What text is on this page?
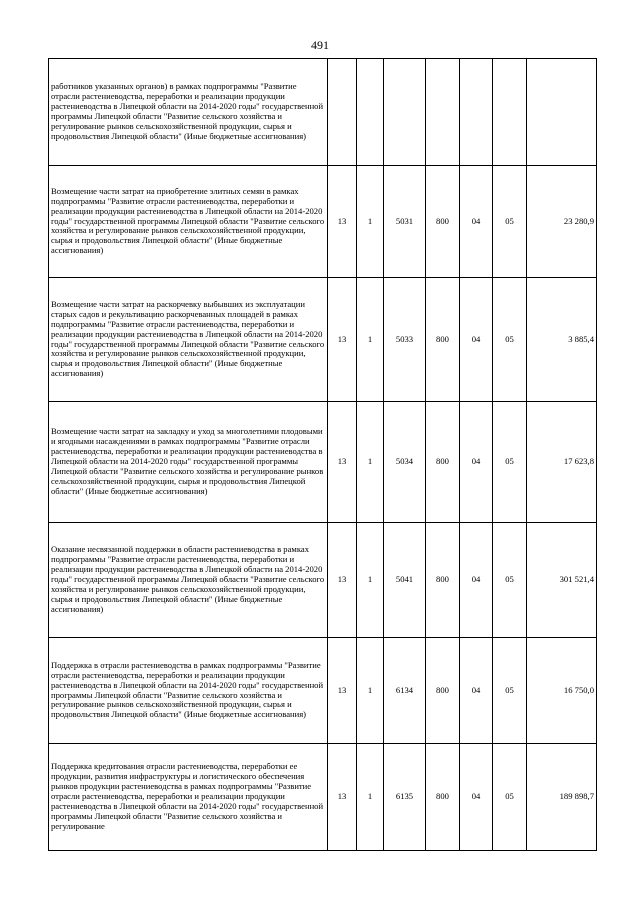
491
работников указанных органов) в рамках подпрограммы "Развитие отрасли растениеводства, переработки и реализации продукции растениеводства в Липецкой области на 2014-2020 годы" государственной программы Липецкой области "Развитие сельского хозяйства и регулирование рынков сельскохозяйственной продукции, сырья и продовольствия Липецкой области" (Иные бюджетные ассигнования)							
Возмещение части затрат на приобретение элитных семян в рамках подпрограммы "Развитие отрасли растениеводства, переработки и реализации продукции растениеводства в Липецкой области на 2014-2020 годы" государственной программы Липецкой области "Развитие сельского хозяйства и регулирование рынков сельскохозяйственной продукции, сырья и продовольствия Липецкой области" (Иные бюджетные ассигнования)	13	1	5031	800	04	05	23 280,9
Возмещение части затрат на раскорчевку выбывших из эксплуатации старых садов и рекультивацию раскорчеванных площадей в рамках подпрограммы "Развитие отрасли растениеводства, переработки и реализации продукции растениеводства в Липецкой области на 2014-2020 годы" государственной программы Липецкой области "Развитие сельского хозяйства и регулирование рынков сельскохозяйственной продукции, сырья и продовольствия Липецкой области" (Иные бюджетные ассигнования)	13	1	5033	800	04	05	3 885,4
Возмещение части затрат на закладку и уход за многолетними плодовыми и ягодными насаждениями в рамках подпрограммы "Развитие отрасли растениеводства, переработки и реализации продукции растениеводства в Липецкой области на 2014-2020 годы" государственной программы Липецкой области "Развитие сельского хозяйства и регулирование рынков сельскохозяйственной продукции, сырья и продовольствия Липецкой области" (Иные бюджетные ассигнования)	13	1	5034	800	04	05	17 623,8
Оказание несвязанной поддержки в области растениеводства в рамках подпрограммы "Развитие отрасли растениеводства, переработки и реализации продукции растениеводства в Липецкой области на 2014-2020 годы" государственной программы Липецкой области "Развитие сельского хозяйства и регулирование рынков сельскохозяйственной продукции, сырья и продовольствия Липецкой области" (Иные бюджетные ассигнования)	13	1	5041	800	04	05	301 521,4
Поддержка в отрасли растениеводства в рамках подпрограммы "Развитие отрасли растениеводства, переработки и реализации продукции растениеводства в Липецкой области на 2014-2020 годы" государственной программы Липецкой области "Развитие сельского хозяйства и регулирование рынков сельскохозяйственной продукции, сырья и продовольствия Липецкой области" (Иные бюджетные ассигнования)	13	1	6134	800	04	05	16 750,0
Поддержка кредитования отрасли растениеводства, переработки ее продукции, развития инфраструктуры и логистического обеспечения рынков продукции растениеводства в рамках подпрограммы "Развитие отрасли растениеводства, переработки и реализации продукции растениеводства в Липецкой области на 2014-2020 годы" государственной программы Липецкой области "Развитие сельского хозяйства и регулирование	13	1	6135	800	04	05	189 898,7
